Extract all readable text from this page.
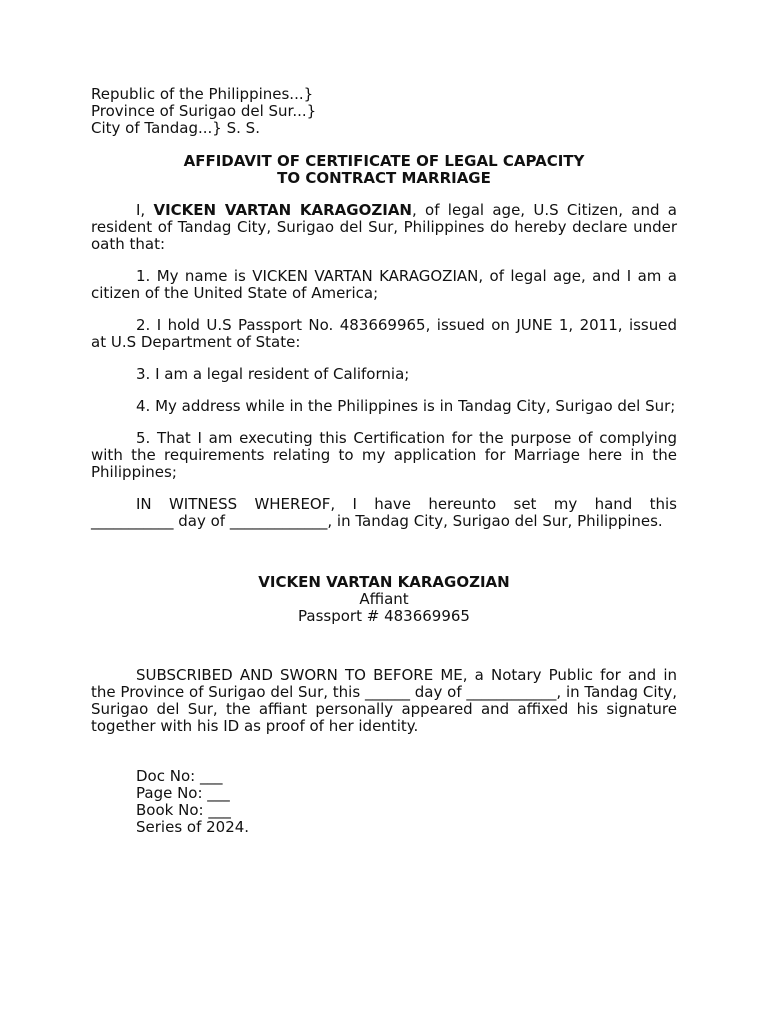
Republic of the Philippines...}
Province of Surigao del Sur...}
City of Tandag...} S. S.
AFFIDAVIT OF CERTIFICATE OF LEGAL CAPACITY
TO CONTRACT MARRIAGE

I, VICKEN VARTAN KARAGOZIAN, of legal age, U.S Citizen, and a resident of Tandag City, Surigao del Sur, Philippines do hereby declare under oath that:

1. My name is VICKEN VARTAN KARAGOZIAN, of legal age, and I am a citizen of the United State of America;

2. I hold U.S Passport No. 483669965, issued on JUNE 1, 2011, issued at U.S Department of State:

3. I am a legal resident of California;

4. My address while in the Philippines is in Tandag City, Surigao del Sur;

5. That I am executing this Certification for the purpose of complying with the requirements relating to my application for Marriage here in the Philippines;

IN WITNESS WHEREOF, I have hereunto set my hand this ___________ day of _____________, in Tandag City, Surigao del Sur, Philippines.

VICKEN VARTAN KARAGOZIAN
Affiant
Passport # 483669965

SUBSCRIBED AND SWORN TO BEFORE ME, a Notary Public for and in the Province of Surigao del Sur, this ______ day of ____________, in Tandag City, Surigao del Sur, the affiant personally appeared and affixed his signature together with his ID as proof of her identity.

Doc No: ___
Page No: ___
Book No: ___
Series of 2024.
